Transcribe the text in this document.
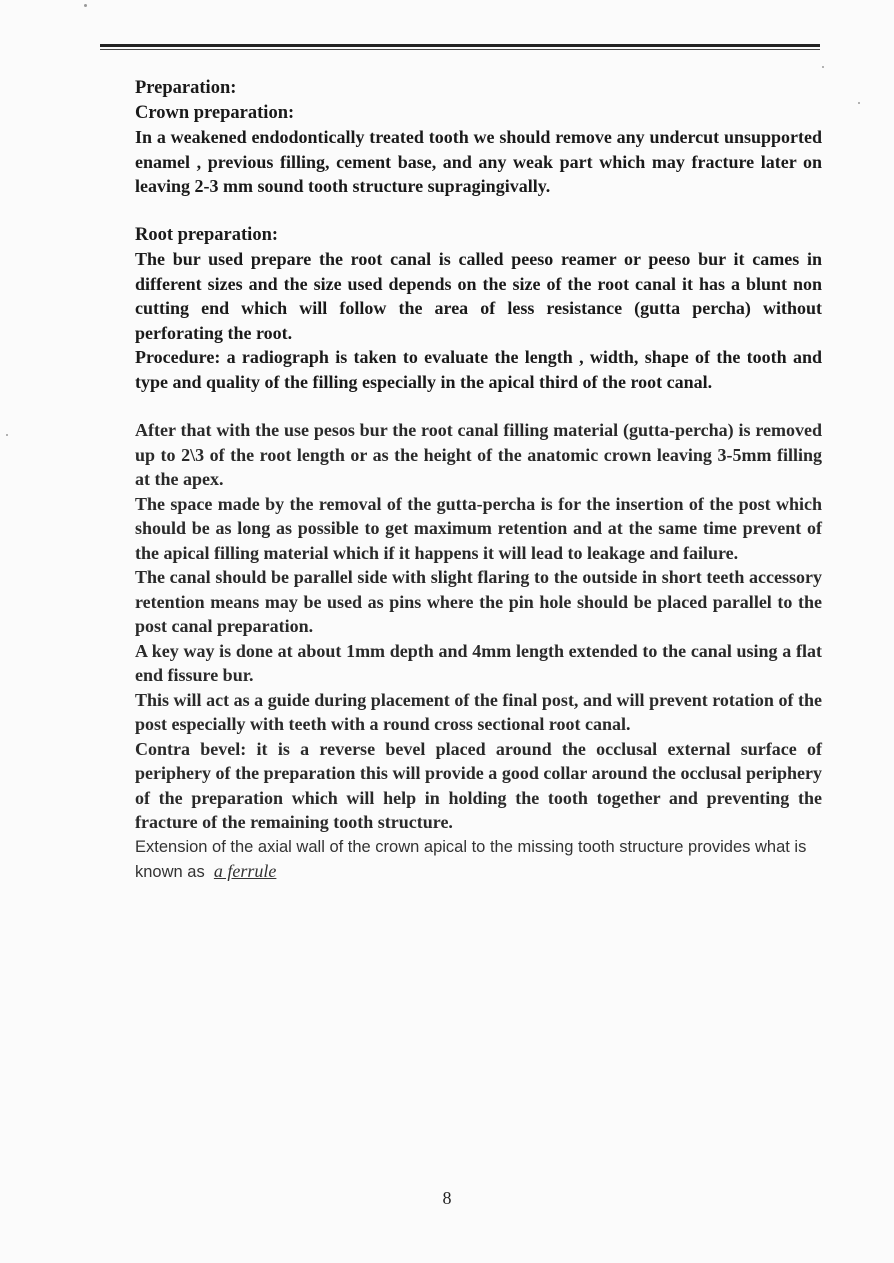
Preparation:

Crown preparation:

In a weakened endodontically treated tooth we should remove any undercut unsupported enamel , previous filling, cement base, and any weak part which may fracture later on leaving 2-3 mm sound tooth structure supragingivally.

Root preparation:

The bur used prepare the root canal is called peeso reamer or peeso bur it cames in different sizes and the size used depends on the size of the root canal it has a blunt non cutting end which will follow the area of less resistance (gutta percha) without perforating the root.

Procedure: a radiograph is taken to evaluate the length , width, shape of the tooth and type and quality of the filling especially in the apical third of the root canal.

After that with the use pesos bur the root canal filling material (gutta-percha) is removed up to 2\3 of the root length or as the height of the anatomic crown leaving 3-5mm filling at the apex.

The space made by the removal of the gutta-percha is for the insertion of the post which should be as long as possible to get maximum retention and at the same time prevent of the apical filling material which if it happens it will lead to leakage and failure.

The canal should be parallel side with slight flaring to the outside in short teeth accessory retention means may be used as pins where the pin hole should be placed parallel to the post canal preparation.

A key way is done at about 1mm depth and 4mm length extended to the canal using a flat end fissure bur.

This will act as a guide during placement of the final post, and will prevent rotation of the post especially with teeth with a round cross sectional root canal.

Contra bevel: it is a reverse bevel placed around the occlusal external surface of periphery of the preparation this will provide a good collar around the occlusal periphery of the preparation which will help in holding the tooth together and preventing the fracture of the remaining tooth structure.

Extension of the axial wall of the crown apical to the missing tooth structure provides what is known as a ferrule

8
